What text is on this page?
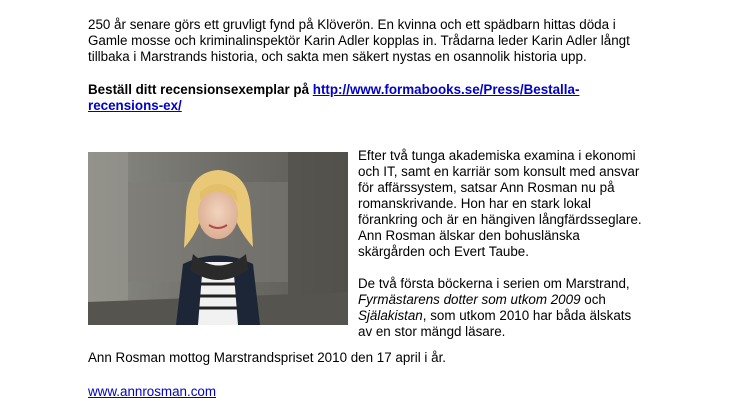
250 år senare görs ett gruvligt fynd på Klöverön. En kvinna och ett spädbarn hittas döda i
Gamle mosse och kriminalinspektör Karin Adler kopplas in. Trådarna leder Karin Adler långt
tillbaka i Marstrands historia, och sakta men säkert nystas en osannolik historia upp.
Beställ ditt recensionsexemplar på http://www.formabooks.se/Press/Bestalla-
recensions-ex/

Efter två tunga akademiska examina i ekonomi
och IT, samt en karriär som konsult med ansvar
för affärssystem, satsar Ann Rosman nu på
romanskrivande. Hon har en stark lokal
förankring och är en hängiven långfärdsseglare.
Ann Rosman älskar den bohuslänska
skärgården och Evert Taube.

De två första böckerna i serien om Marstrand,
Fyrmästarens dotter som utkom 2009 och
Själakistan, som utkom 2010 har båda älskats
av en stor mängd läsare.

Ann Rosman mottog Marstrandspriset 2010 den 17 april i år.
www.annrosman.com
